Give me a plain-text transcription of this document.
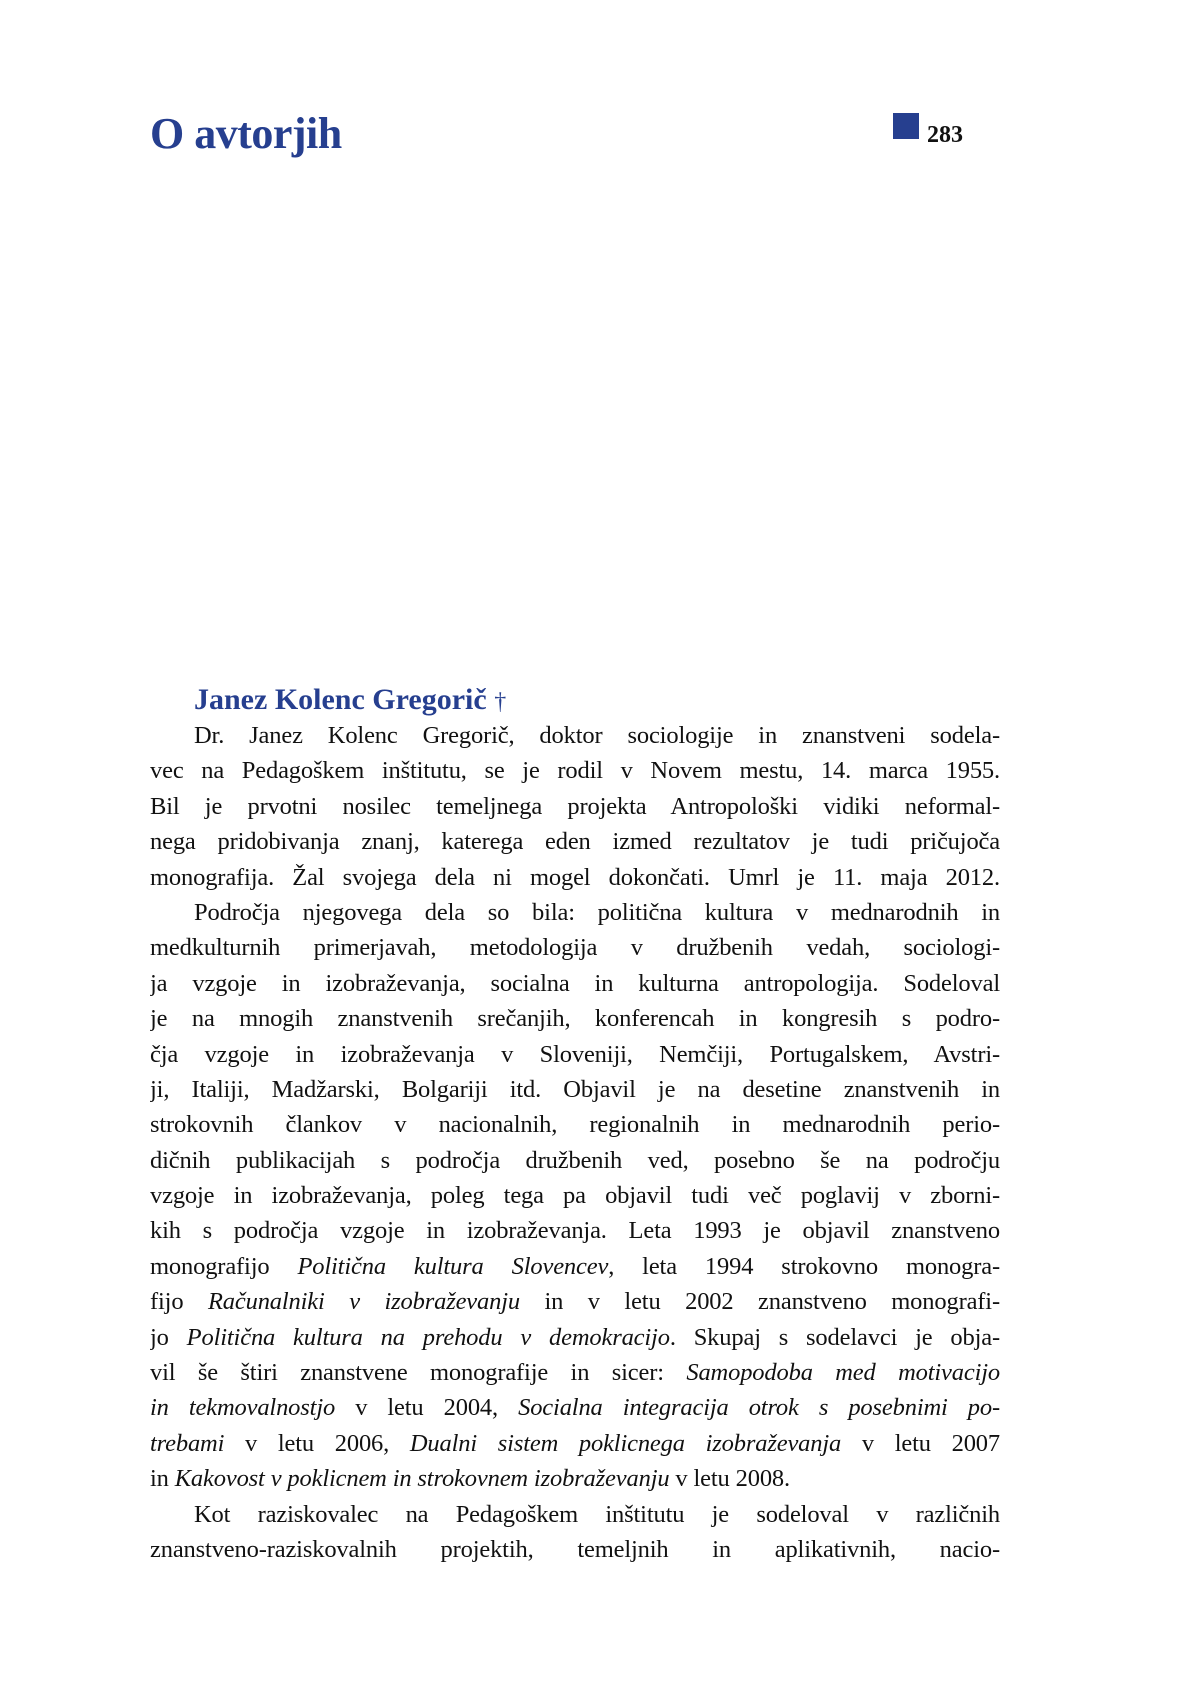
O avtorjih	283
Janez Kolenc Gregorič †
Dr. Janez Kolenc Gregorič, doktor sociologije in znanstveni sodela-
vec na Pedagoškem inštitutu, se je rodil v Novem mestu, 14. marca 1955.
Bil je prvotni nosilec temeljnega projekta Antropološki vidiki neformal-
nega pridobivanja znanj, katerega eden izmed rezultatov je tudi pričujoča
monografija. Žal svojega dela ni mogel dokončati. Umrl je 11. maja 2012.
Področja njegovega dela so bila: politična kultura v mednarodnih in
medkulturnih primerjavah, metodologija v družbenih vedah, sociologi-
ja vzgoje in izobraževanja, socialna in kulturna antropologija. Sodeloval
je na mnogih znanstvenih srečanjih, konferencah in kongresih s podro-
čja vzgoje in izobraževanja v Sloveniji, Nemčiji, Portugalskem, Avstri-
ji, Italiji, Madžarski, Bolgariji itd. Objavil je na desetine znanstvenih in
strokovnih člankov v nacionalnih, regionalnih in mednarodnih perio-
dičnih publikacijah s področja družbenih ved, posebno še na področju
vzgoje in izobraževanja, poleg tega pa objavil tudi več poglavij v zborni-
kih s področja vzgoje in izobraževanja. Leta 1993 je objavil znanstveno
monografijo Politična kultura Slovencev, leta 1994 strokovno monogra-
fijo Računalniki v izobraževanju in v letu 2002 znanstveno monografi-
jo Politična kultura na prehodu v demokracijo. Skupaj s sodelavci je obja-
vil še štiri znanstvene monografije in sicer: Samopodoba med motivacijo
in tekmovalnostjo v letu 2004, Socialna integracija otrok s posebnimi po-
trebami v letu 2006, Dualni sistem poklicnega izobraževanja v letu 2007
in Kakovost v poklicnem in strokovnem izobraževanju v letu 2008.
Kot raziskovalec na Pedagoškem inštitutu je sodeloval v različnih
znanstveno-raziskovalnih projektih, temeljnih in aplikativnih, nacio-
